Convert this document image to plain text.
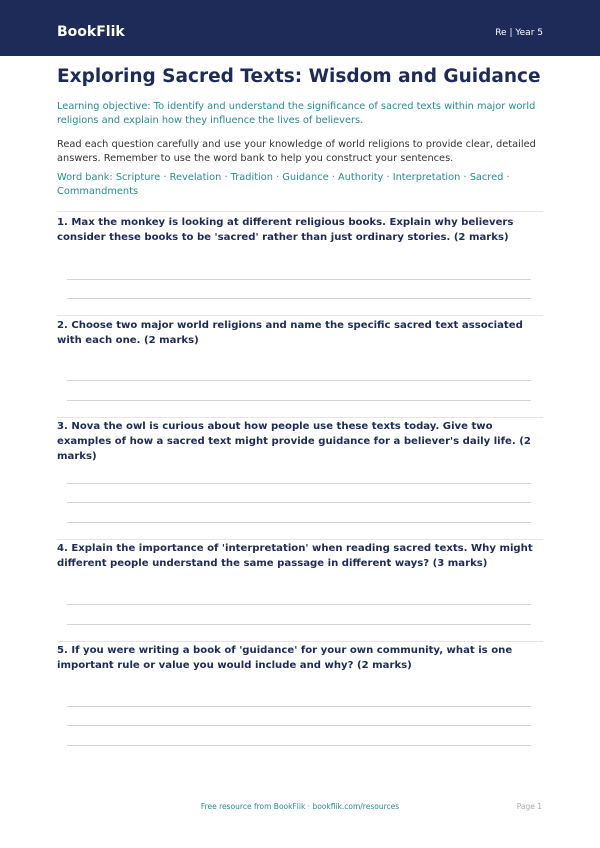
BookFlik	Re | Year 5
Exploring Sacred Texts: Wisdom and Guidance
Learning objective: To identify and understand the significance of sacred texts within major world religions and explain how they influence the lives of believers.
Read each question carefully and use your knowledge of world religions to provide clear, detailed answers. Remember to use the word bank to help you construct your sentences.
Word bank: Scripture · Revelation · Tradition · Guidance · Authority · Interpretation · Sacred · Commandments
1. Max the monkey is looking at different religious books. Explain why believers consider these books to be 'sacred' rather than just ordinary stories. (2 marks)
2. Choose two major world religions and name the specific sacred text associated with each one. (2 marks)
3. Nova the owl is curious about how people use these texts today. Give two examples of how a sacred text might provide guidance for a believer's daily life. (2 marks)
4. Explain the importance of 'interpretation' when reading sacred texts. Why might different people understand the same passage in different ways? (3 marks)
5. If you were writing a book of 'guidance' for your own community, what is one important rule or value you would include and why? (2 marks)
Free resource from BookFlik · bookflik.com/resources	Page 1
